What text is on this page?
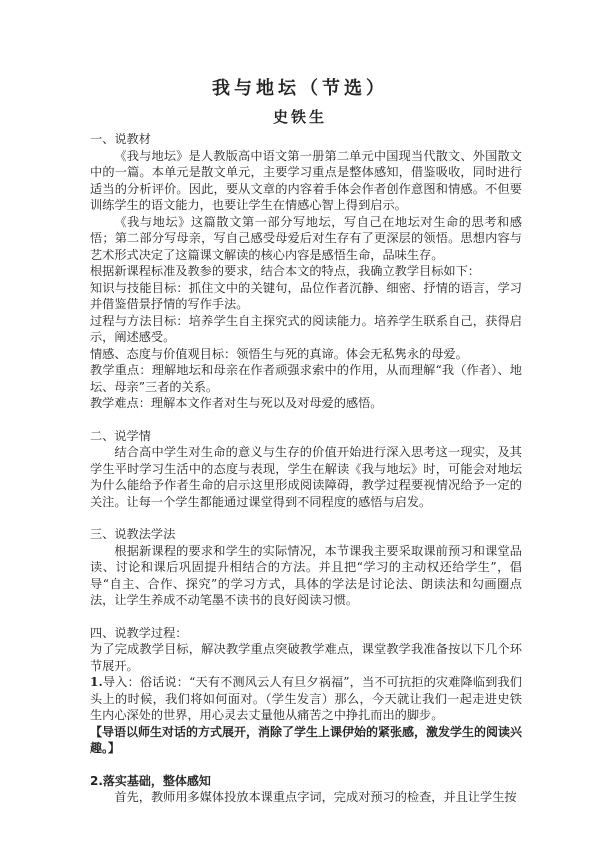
我与地坛（节选）
史铁生

一、说教材

《我与地坛》是人教版高中语文第一册第二单元中国现当代散文、外国散文中的一篇。本单元是散文单元，主要学习重点是整体感知，借鉴吸收，同时进行适当的分析评价。因此，要从文章的内容着手体会作者创作意图和情感。不但要训练学生的语文能力，也要让学生在情感心智上得到启示。

《我与地坛》这篇散文第一部分写地坛，写自己在地坛对生命的思考和感悟；第二部分写母亲，写自己感受母爱后对生存有了更深层的领悟。思想内容与艺术形式决定了这篇课文解读的核心内容是感悟生命，品味生存。

根据新课程标准及教参的要求，结合本文的特点，我确立教学目标如下：

知识与技能目标：抓住文中的关键句，品位作者沉静、细密、抒情的语言，学习并借鉴借景抒情的写作手法。

过程与方法目标：培养学生自主探究式的阅读能力。培养学生联系自己，获得启示，阐述感受。

情感、态度与价值观目标：领悟生与死的真谛。体会无私隽永的母爱。

教学重点：理解地坛和母亲在作者顽强求索中的作用，从而理解“我（作者）、地坛、母亲”三者的关系。

教学难点：理解本文作者对生与死以及对母爱的感悟。

二、说学情

结合高中学生对生命的意义与生存的价值开始进行深入思考这一现实，及其学生平时学习生活中的态度与表现，学生在解读《我与地坛》时，可能会对地坛为什么能给予作者生命的启示这里形成阅读障碍，教学过程要视情况给予一定的关注。让每一个学生都能通过课堂得到不同程度的感悟与启发。

三、说教法学法

根据新课程的要求和学生的实际情况，本节课我主要采取课前预习和课堂品读、讨论和课后巩固提升相结合的方法。并且把“学习的主动权还给学生”，倡导“自主、合作、探究”的学习方式，具体的学法是讨论法、朗读法和勾画圈点法，让学生养成不动笔墨不读书的良好阅读习惯。

四、说教学过程：

为了完成教学目标，解决教学重点突破教学难点，课堂教学我准备按以下几个环节展开。

1.导入：俗话说：“天有不测风云人有旦夕祸福”，当不可抗拒的灾难降临到我们头上的时候，我们将如何面对。（学生发言）那么，今天就让我们一起走进史铁生内心深处的世界，用心灵去丈量他从痛苦之中挣扎而出的脚步。

【导语以师生对话的方式展开，消除了学生上课伊始的紧张感，激发学生的阅读兴趣。】

2.落实基础，整体感知

首先，教师用多媒体投放本课重点字词，完成对预习的检查，并且让学生按
